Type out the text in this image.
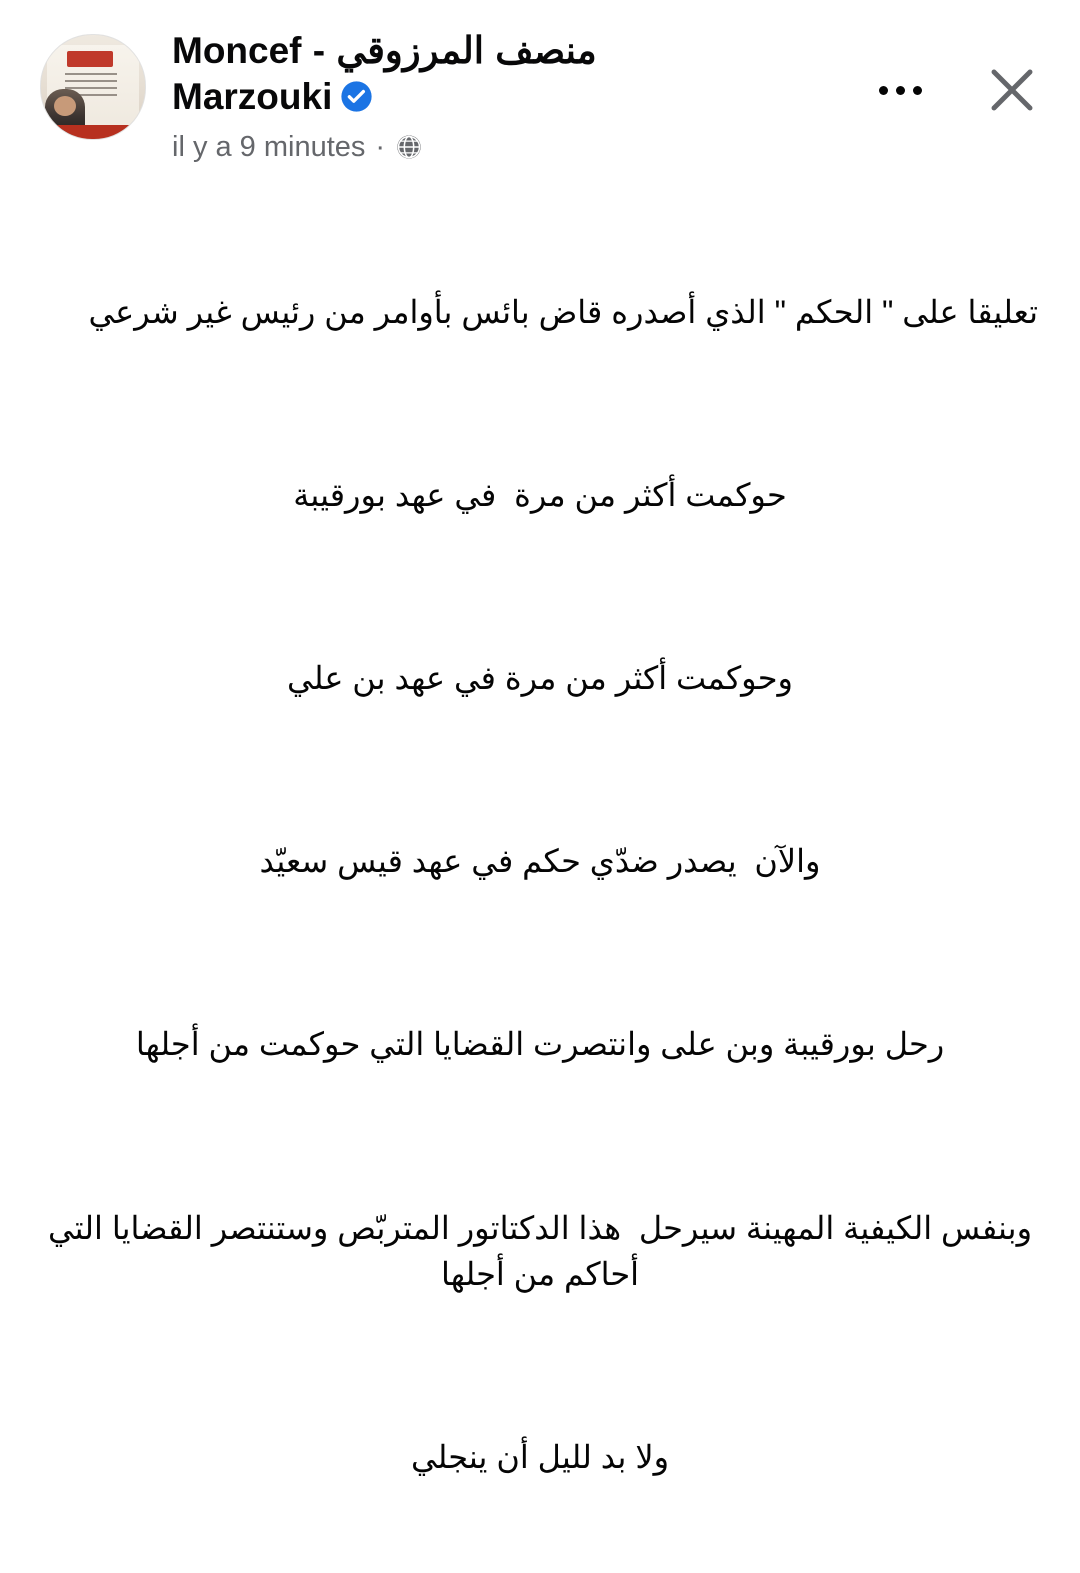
Moncef - منصف المرزوقي
Marzouki
il y a 9 minutes ·

تعليقا على " الحكم " الذي أصدره قاض بائس بأوامر من رئيس غير شرعي

حوكمت أكثر من مرة  في عهد بورقيبة

وحوكمت أكثر من مرة في عهد بن علي

والآن  يصدر ضدّي حكم في عهد قيس سعيّد

رحل بورقيبة وبن على وانتصرت القضايا التي حوكمت من أجلها

وبنفس الكيفية المهينة سيرحل  هذا الدكتاتور المتربّص وستنتصر القضايا التي أحاكم من أجلها

ولا بد لليل أن ينجلي
